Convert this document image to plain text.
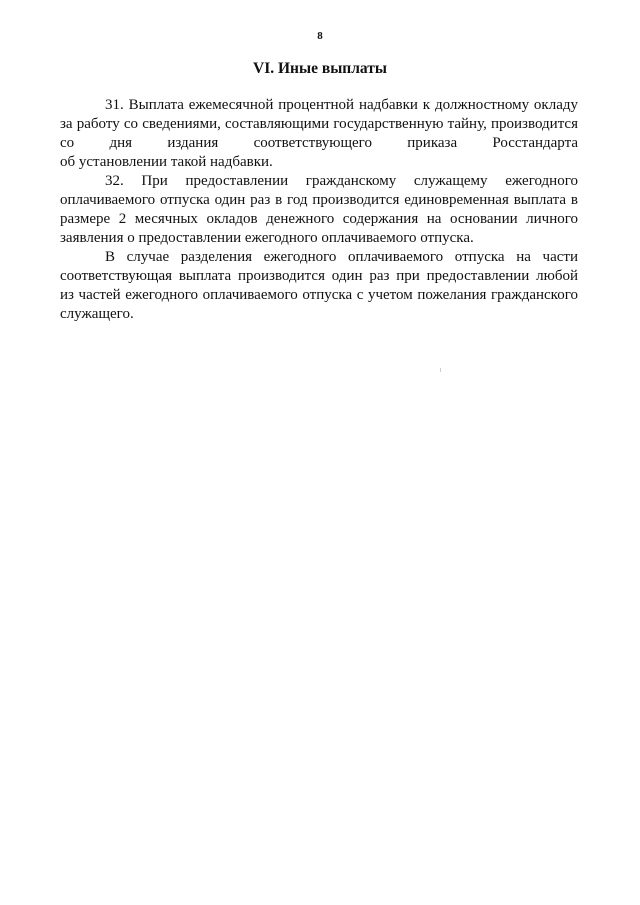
8
VI. Иные выплаты

31. Выплата ежемесячной процентной надбавки к должностному окладу
за работу со сведениями, составляющими государственную тайну, производится
со дня издания соответствующего приказа Росстандарта
об установлении такой надбавки.

32. При предоставлении гражданскому служащему ежегодного
оплачиваемого отпуска один раз в год производится единовременная выплата в
размере 2 месячных окладов денежного содержания на основании личного
заявления о предоставлении ежегодного оплачиваемого отпуска.

В случае разделения ежегодного оплачиваемого отпуска на части
соответствующая выплата производится один раз при предоставлении любой
из частей ежегодного оплачиваемого отпуска с учетом пожелания гражданского
служащего.
